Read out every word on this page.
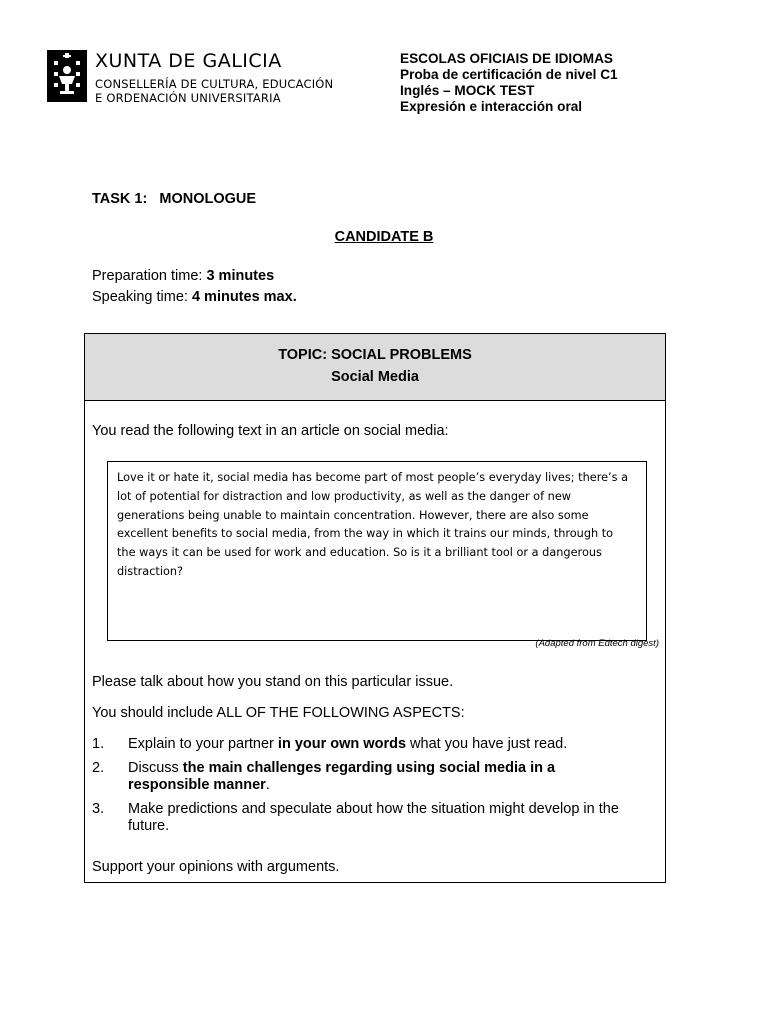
XUNTA DE GALICIA
CONSELLERÍA DE CULTURA, EDUCACIÓN
E ORDENACIÓN UNIVERSITARIA
ESCOLAS OFICIAIS DE IDIOMAS
Proba de certificación de nivel C1
Inglés – MOCK TEST
Expresión e interacción oral
TASK 1:   MONOLOGUE
CANDIDATE B
Preparation time: 3 minutes
Speaking time: 4 minutes max.
TOPIC: SOCIAL PROBLEMS
Social Media
You read the following text in an article on social media:
Love it or hate it, social media has become part of most people’s everyday lives; there’s a
lot of potential for distraction and low productivity, as well as the danger of new
generations being unable to maintain concentration. However, there are also some
excellent benefits to social media, from the way in which it trains our minds, through to
the ways it can be used for work and education. So is it a brilliant tool or a dangerous
distraction?
(Adapted from Edtech digest)
Please talk about how you stand on this particular issue.
You should include ALL OF THE FOLLOWING ASPECTS:
1. Explain to your partner in your own words what you have just read.
2. Discuss the main challenges regarding using social media in a responsible manner.
3. Make predictions and speculate about how the situation might develop in the future.
Support your opinions with arguments.
